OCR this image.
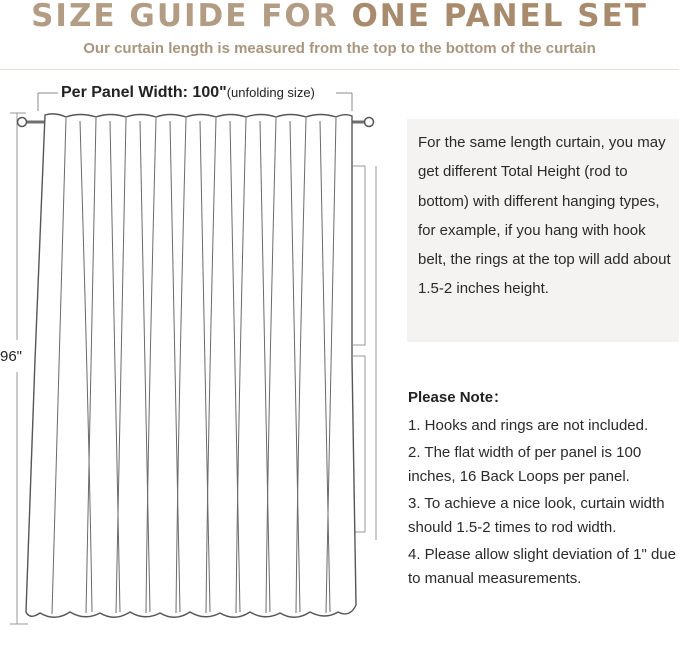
SIZE GUIDE FOR ONE PANEL SET
Our curtain length is measured from the top to the bottom of the curtain
Per Panel Width: 100"(unfolding size)
96"

For the same length curtain, you may get different Total Height (rod to bottom) with different hanging types, for example, if you hang with hook belt, the rings at the top will add about 1.5-2 inches height.

Please Note：
1. Hooks and rings are not included.
2. The flat width of per panel is 100 inches, 16 Back Loops per panel.
3. To achieve a nice look, curtain width should 1.5-2 times to rod width.
4. Please allow slight deviation of 1" due to manual measurements.
